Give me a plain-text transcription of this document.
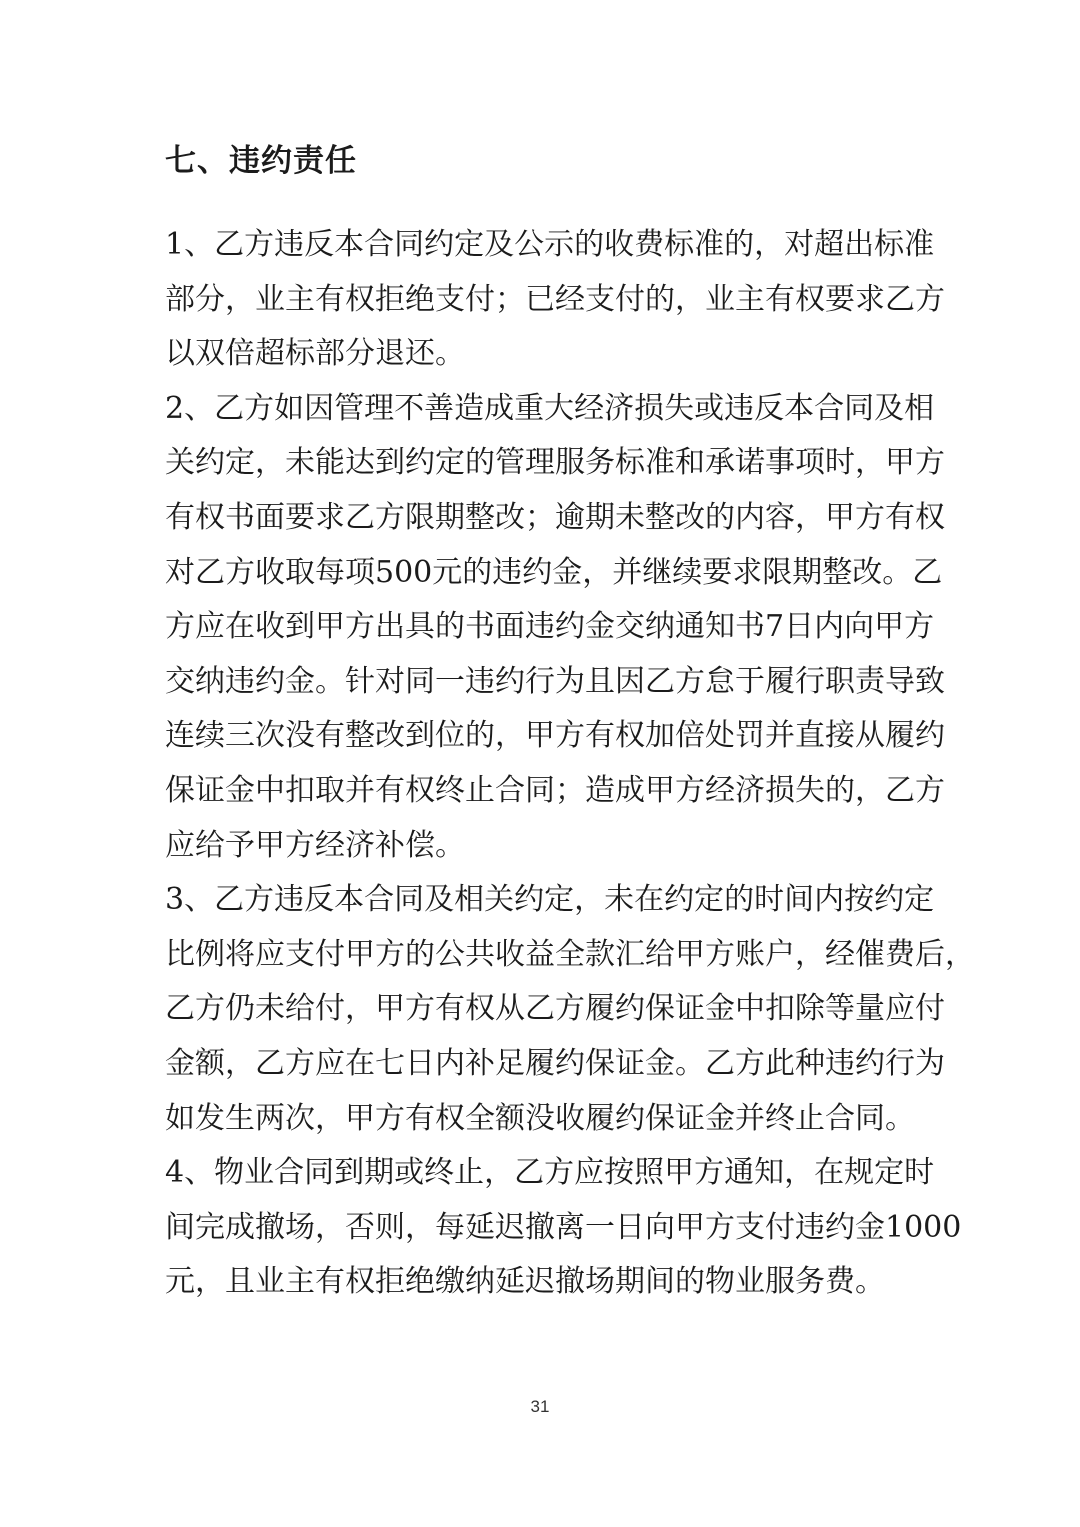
七、违约责任
1、乙方违反本合同约定及公示的收费标准的，对超出标准
部分，业主有权拒绝支付；已经支付的，业主有权要求乙方
以双倍超标部分退还。
2、乙方如因管理不善造成重大经济损失或违反本合同及相
关约定，未能达到约定的管理服务标准和承诺事项时，甲方
有权书面要求乙方限期整改；逾期未整改的内容，甲方有权
对乙方收取每项500元的违约金，并继续要求限期整改。乙
方应在收到甲方出具的书面违约金交纳通知书7日内向甲方
交纳违约金。针对同一违约行为且因乙方怠于履行职责导致
连续三次没有整改到位的，甲方有权加倍处罚并直接从履约
保证金中扣取并有权终止合同；造成甲方经济损失的，乙方
应给予甲方经济补偿。
3、乙方违反本合同及相关约定，未在约定的时间内按约定
比例将应支付甲方的公共收益全款汇给甲方账户，经催费后，
乙方仍未给付，甲方有权从乙方履约保证金中扣除等量应付
金额，乙方应在七日内补足履约保证金。乙方此种违约行为
如发生两次，甲方有权全额没收履约保证金并终止合同。
4、物业合同到期或终止，乙方应按照甲方通知，在规定时
间完成撤场，否则，每延迟撤离一日向甲方支付违约金1000
元，且业主有权拒绝缴纳延迟撤场期间的物业服务费。
31
